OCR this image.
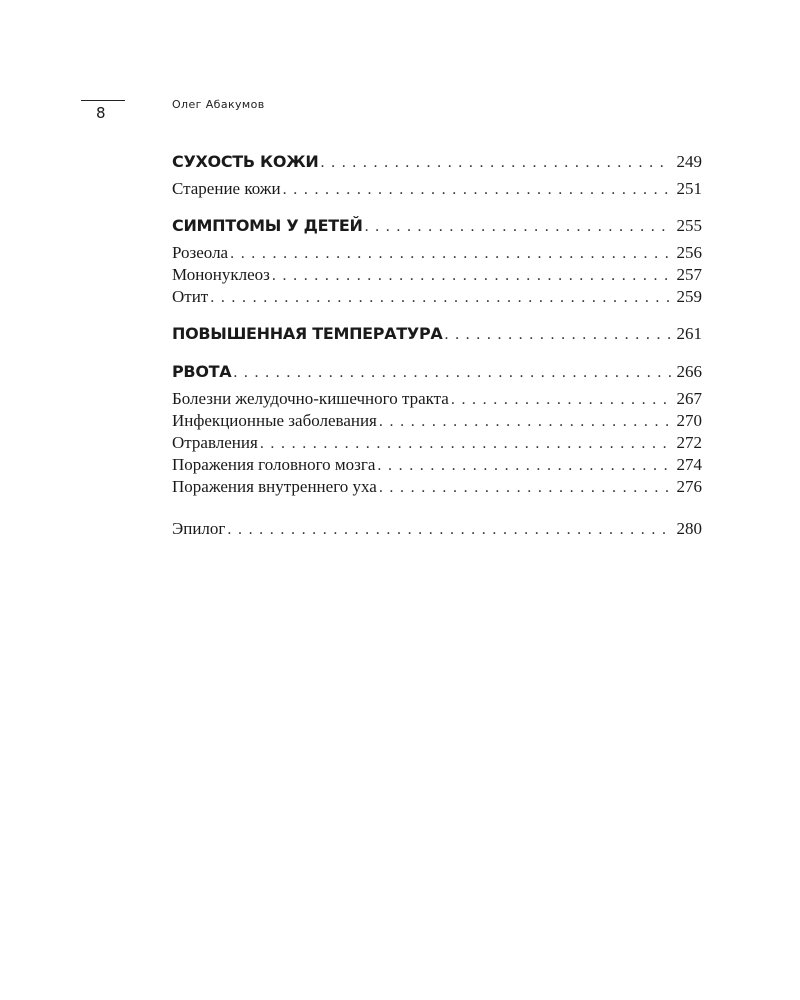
8	Олег Абакумов
СУХОСТЬ КОЖИ . . .	249
Старение кожи . . .	251
СИМПТОМЫ У ДЕТЕЙ . . .	255
Розеола . . .	256
Мононуклеоз . . .	257
Отит . . .	259
ПОВЫШЕННАЯ ТЕМПЕРАТУРА . . .	261
РВОТА . . .	266
Болезни желудочно-кишечного тракта . . .	267
Инфекционные заболевания . . .	270
Отравления . . .	272
Поражения головного мозга . . .	274
Поражения внутреннего уха . . .	276
Эпилог . . .	280
